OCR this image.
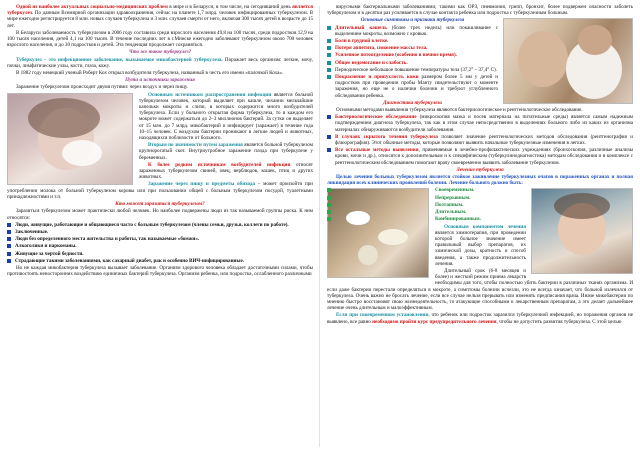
Одной из наиболее актуальных социально-медицинских проблем в мире и в Беларуси, в том числе, на сегодняшний день является туберкулез. По данным Всемирной организации здравоохранения, сейчас на планете 1,7 млрд. человек инфицированных туберкулезом. В мире ежегодно регистрируется 8 млн. новых случаев туберкулеза и 3 млн. случаев смерти от него, включая 300 тысяч детей в возрасте до 15 лет.

В Беларуси заболеваемость туберкулезом в 2006 году составила среди взрослого населения 49,8 на 100 тысяч, среди подростков 12,9 на 100 тысяч населения, детей 4,1 на 100 тысяч. В течение последних лет в г.Минске ежегодно заболевают туберкулезом около 700 человек взрослого населения, и до 30 подростков и детей. Эта тенденция продолжает сохраняться.

Что же такое туберкулез?

Туберкулез – это инфекционное заболевание, вызываемое микобактерией туберкулеза. Поражает весь организм: легкие, мочу, почки, лимфатические узлы, кости, глаза, кожу.

В 1882 году немецкий ученый Роберт Кох открыл возбудителя туберкулеза, названный в честь его имени «палочкой Коха».

Пути и источники заражения

Заражение туберкулезом происходит двумя путями: через воздух и через пищу.

Основным источником распространения инфекции является больной туберкулезом человек, который выделяет при кашле, чихании мельчайшие капельки мокроты и слизи, в которых содержится много возбудителей туберкулеза. Если у больного открытая форма туберкулеза, то в каждом его мокроте может содержаться до 2–3 миллионов бактерий. За сутки он выделяет от 15 млн. до 7 млрд. микобактерий и инфицирует (заражает) в течение года 10–15 человек. С воздухом бактерии проникают в легкие людей и животных, находящихся поблизости от больного.

Вторым по значимости путем заражения является больной туберкулезом крупнорогатый скот. Внутриутробное заражение плода при туберкулезе у беременных.

К более редким источникам возбудителей инфекции относят зараженных туберкулезом свиней, овец, верблюдов, кошек, птиц и других животных.

Заражение через пищу и предметы обихода – может произойти при употреблении молока от больной туберкулезом коровы или при пользовании общей с больным туберкулезом посудой, туалетными принадлежностями и т.п.

Кто может заразиться туберкулезом?

Заразиться туберкулезом может практически любой человек. Но наиболее подвержены люди из так называемой группы риска. К ним относятся:

Люди, живущие, работающие и общающиеся часто с больным туберкулезом (члены семьи, друзья, коллеги по работе).
Заключенные.
Люди без определенного места жительства и работы, так называемые «бомжи».
Алкоголики и наркоманы.
Живущие за чертой бедности.
Страдающие такими заболеваниями, как сахарный диабет, рак и особенно ВИЧ-инфицированные.

Но не каждая микобактерия туберкулеза вызывает заболевание. Организм здорового человека обладает достаточными силами, чтобы противостоять неносторонних воздействию единичных бактерий туберкулеза. Организм ребенка, или подростка, ослабленного различными

вирусными бактериальными заболеваниями, такими как ОРЗ, пневмония, грипп, бронхит, более подвержен опасности заболеть туберкулезом и в десятки раз усиливается в случае контакта ребенка или подростка с туберкулезным больным.

Основные симптомы и признаки туберкулеза
Длительный кашель (более трех недель) или покашливание с выделением мокроты, возможно с кровью.
Боли в грудной клетке.
Потеря аппетита, снижение массы тела.
Усиленное потоотделение (особенно в ночное время).
Общее недомогание и слабость.
Периодическое небольшое повышение температуры тела (37,2° – 37,4° С).
Покраснение и припухлость кожи размером более 5 мм у детей и подростков при проведении пробы Манту свидетельствуют о моменте заражения, но еще не о наличии болезни и требуют углубленного обследования ребенка.
Диагностика туберкулеза

Основными методами выявления туберкулеза являются бактериологическое и рентгенологическое обследование.

Бактериологическое обследование (микроскопия мазка и посев материала на питательные среды) является самым надежным подтверждением диагноза туберкулеза, так как в этом случае непосредственно в выделениях больного либо из каких из организма материалах обнаруживаются возбудители заболевания.
В случаях скрытого течения туберкулеза позволяет значение рентгенологических методов обследования (рентгенография и флюорография). Этот обычные методы, которые позволяют выявить начальные туберкулезные изменения в легких.
Все остальные методы выявления, применяемые в лечебно-профилактических учреждениях (бронхоскопия, различные анализы крови, мочи и др.), относятся к дополнительным и к специфическим (туберкулинодиагностика) методам обследования и в комплексе с рентгенологическим обследованием помогают врачу своевременно выявить заболевание туберкулезом.
Лечение туберкулеза

Целью лечения больных туберкулезом является стойкое заживление туберкулезных очагов в пораженных органах и полная ликвидация всех клинических проявлений болезни. Лечение больного должно быть:

Своевременным.
Непрерывным.
Поэтапным.
Длительным.
Комбинированным.

Основным компонентом лечения является химиотерапия, при проведении которой больное значение имеет правильный выбор препаратов, их химической дозы, кратность и способ введения, а также продолжительность лечения.

Длительный срок (6-8 месяцев и более) и жесткий режим приема лекарств необходимы для того, чтобы полностью убить бактерии в различных тканях организма. И если даже бактерии перестали определяться в мокроте, а симптомы болезни исчезли, это не всегда означает, что больной излечился от туберкулеза. Очень важно не бросать лечение, если все случае нельзя прерывать или изменять предписания врача. Иначе микобактерии по мнению быстро восстановят свою жизнедеятельность, то атакующие способными к лекарственным препаратам, а это делает дальнейшее лечение очень длительным и малоэффективным.

Если при своевременном установлении, что ребенок или подросток заразился туберкулезной инфекцией, но поражения органов не выявлено, все равно необходимо пройти курс предупредительного лечения, чтобы не допустить развития туберкулеза. С этой целью
